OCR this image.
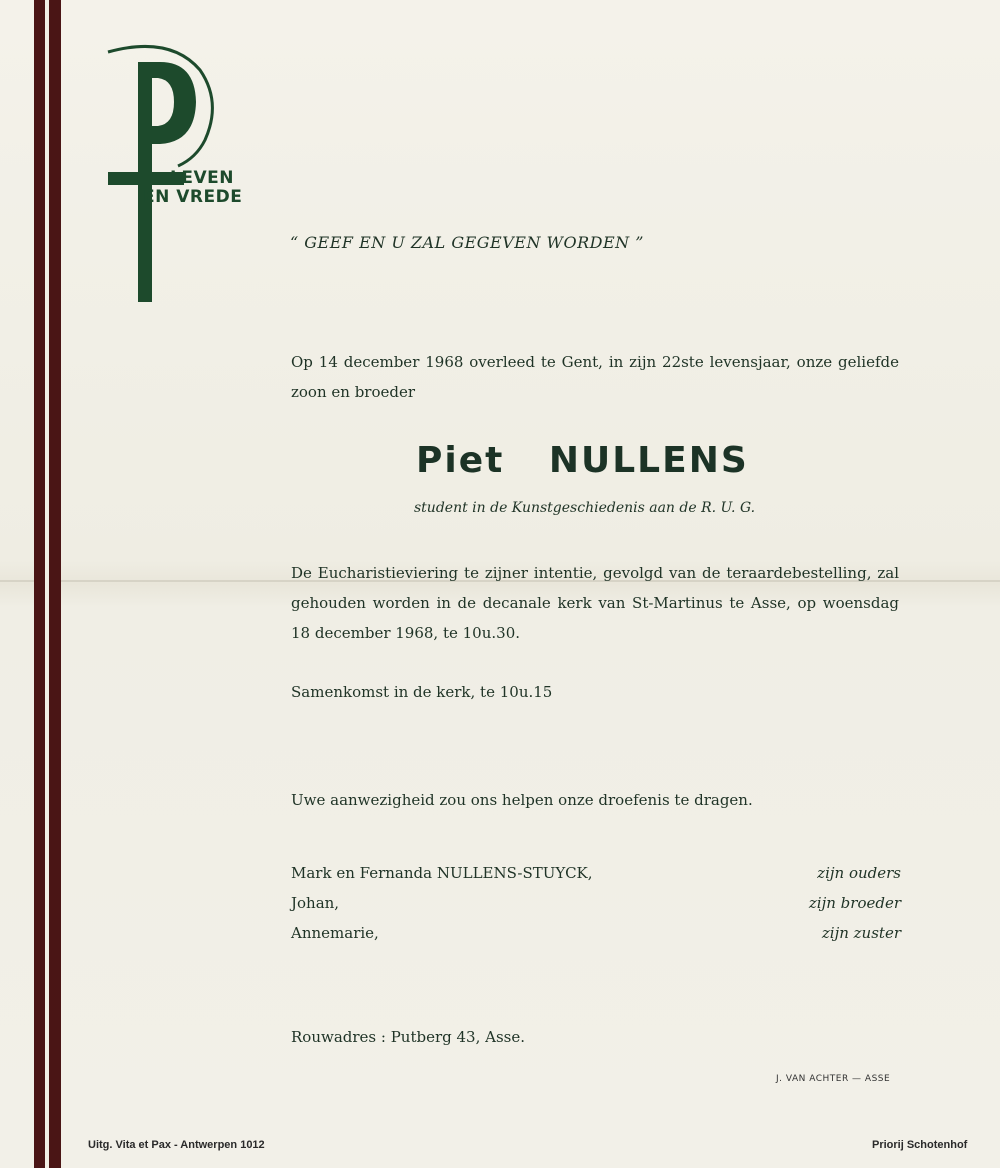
LEVEN
EN VREDE
“ GEEF EN U ZAL GEGEVEN WORDEN ”
Op 14 december 1968 overleed te Gent, in zijn 22ste levensjaar, onze geliefde zoon en broeder
Piet NULLENS
student in de Kunstgeschiedenis aan de R. U. G.
De Eucharistieviering te zijner intentie, gevolgd van de teraardebestelling, zal gehouden worden in de decanale kerk van St-Martinus te Asse, op woensdag 18 december 1968, te 10u.30.
Samenkomst in de kerk, te 10u.15
Uwe aanwezigheid zou ons helpen onze droefenis te dragen.
Mark en Fernanda NULLENS-STUYCK,	zijn ouders
Johan,	zijn broeder
Annemarie,	zijn zuster
Rouwadres : Putberg 43, Asse.
J. VAN ACHTER — ASSE
Uitg. Vita et Pax - Antwerpen 1012	Priorij Schotenhof
